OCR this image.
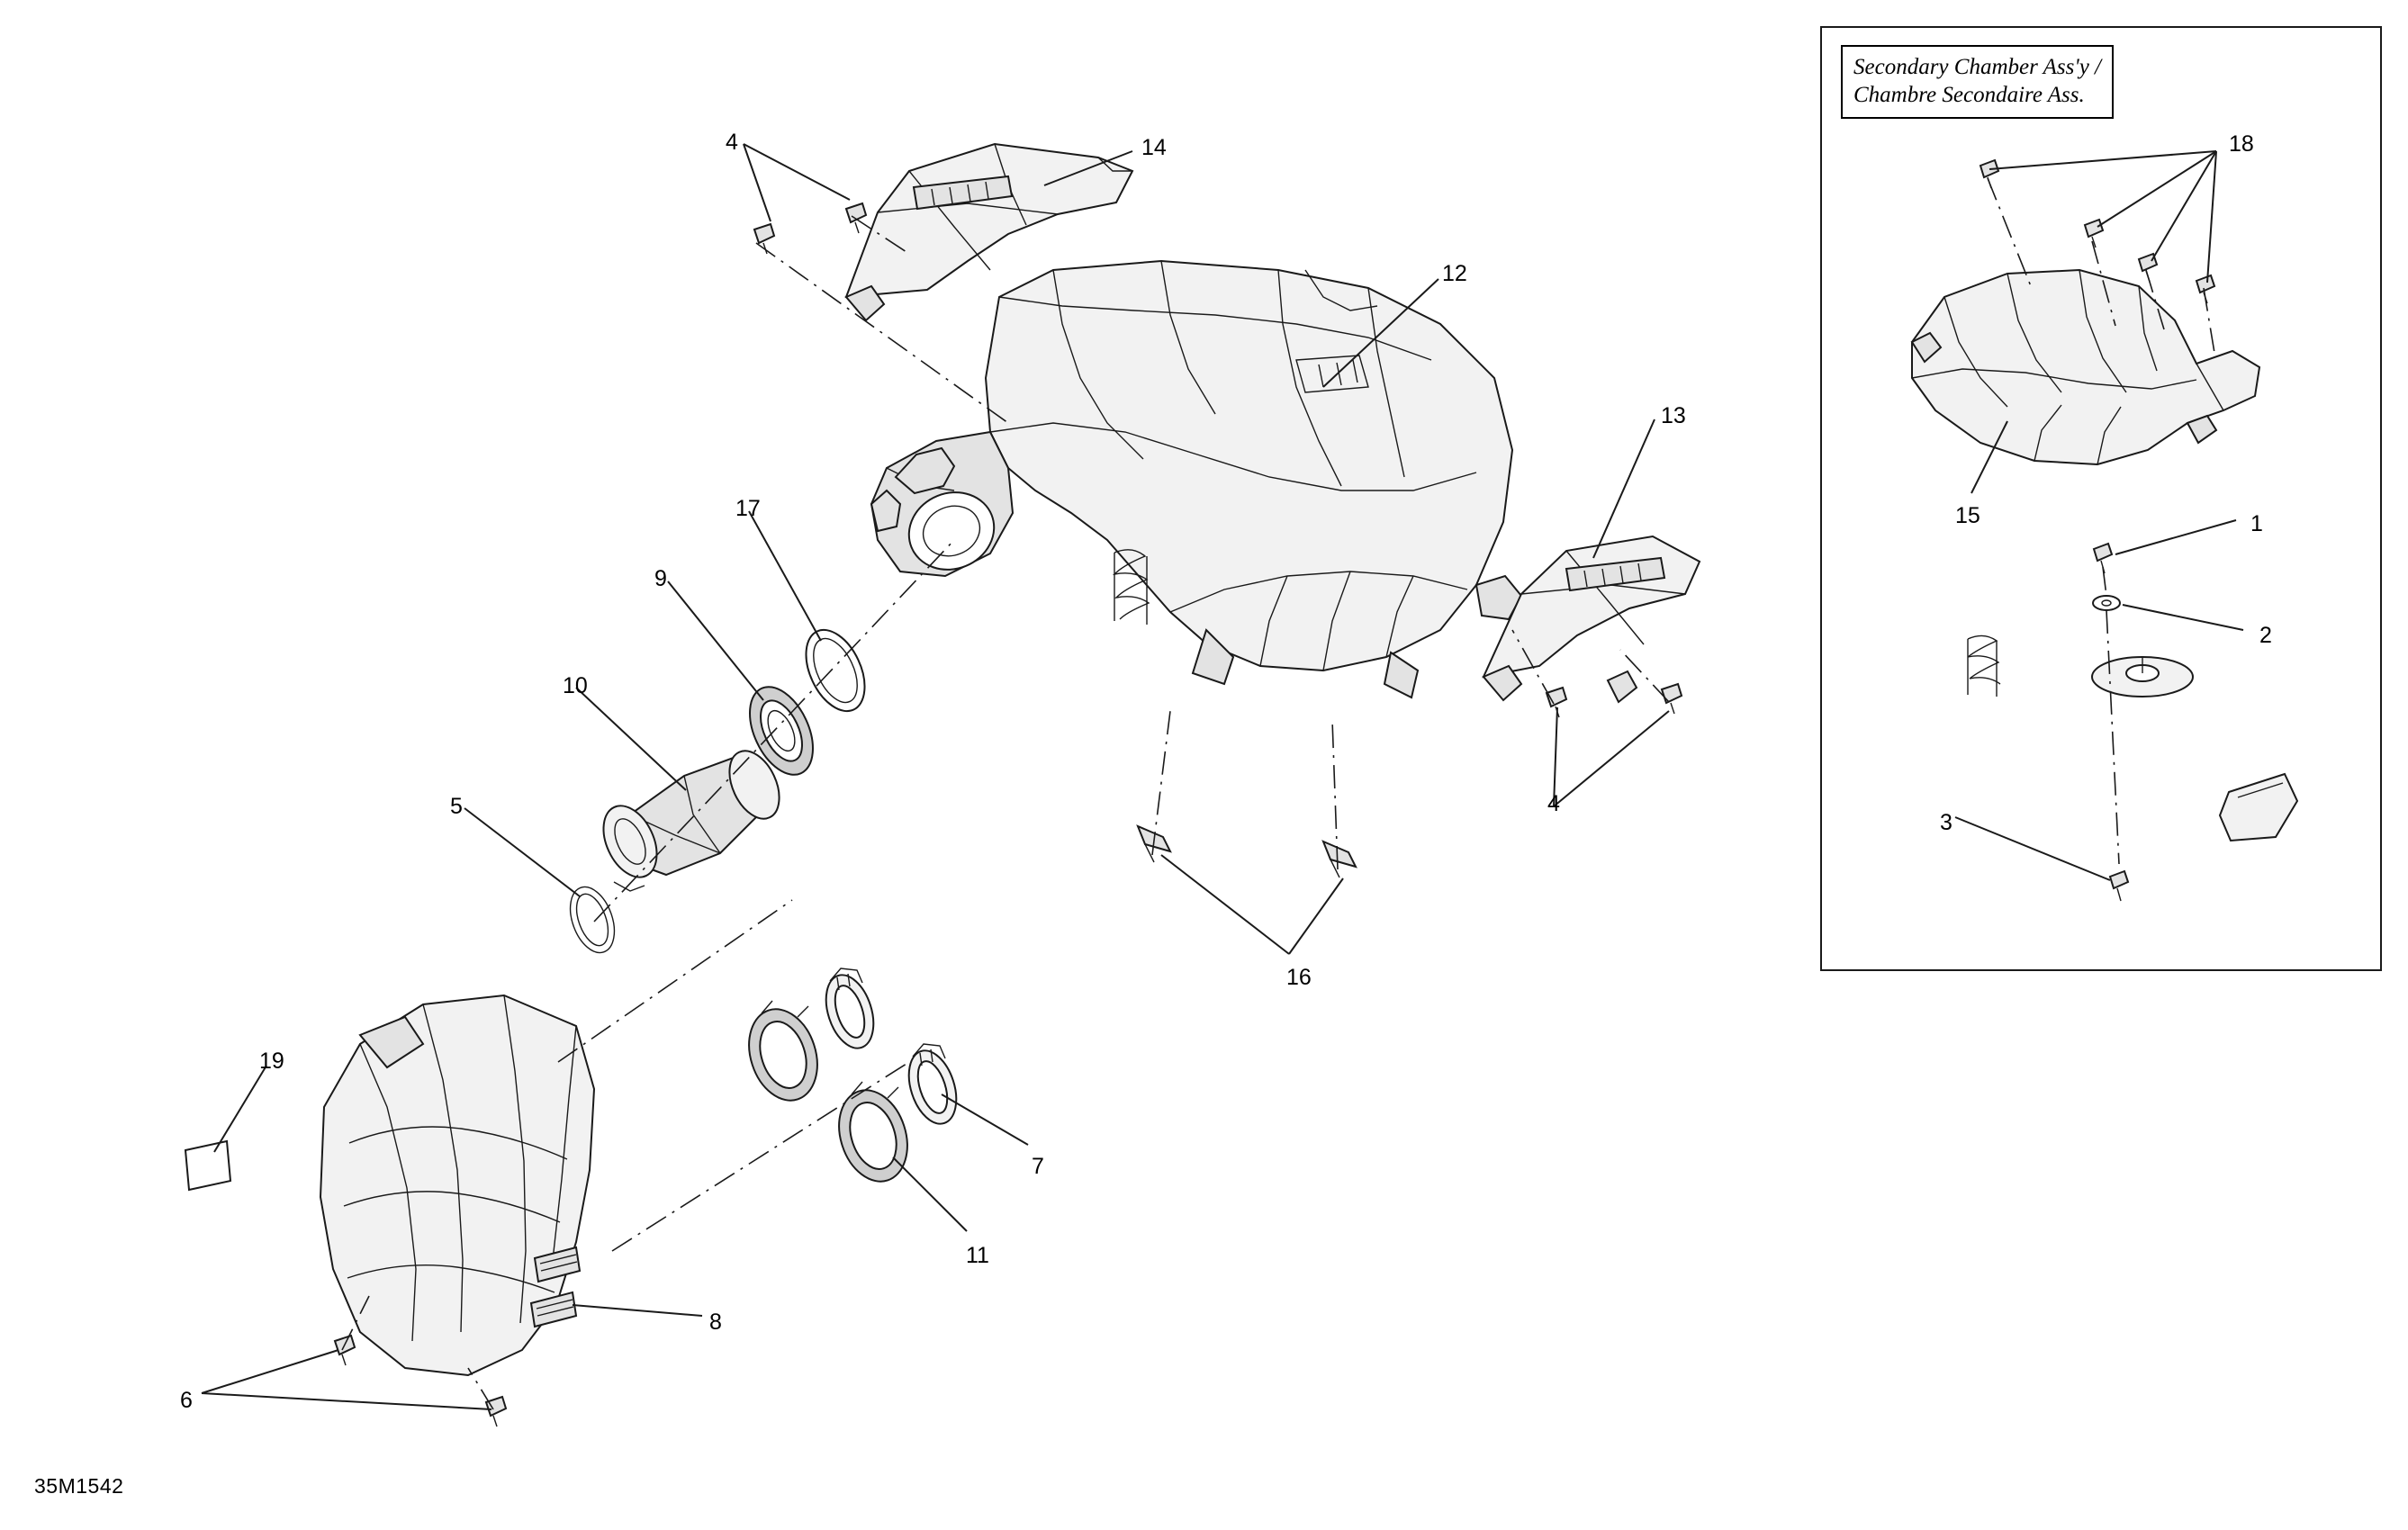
Secondary Chamber Ass'y /
Chambre Secondaire Ass.
4	14
12
17
9
13
10
5	4
16
19
7
11
8
6
18
15	1
2
3
35M1542
